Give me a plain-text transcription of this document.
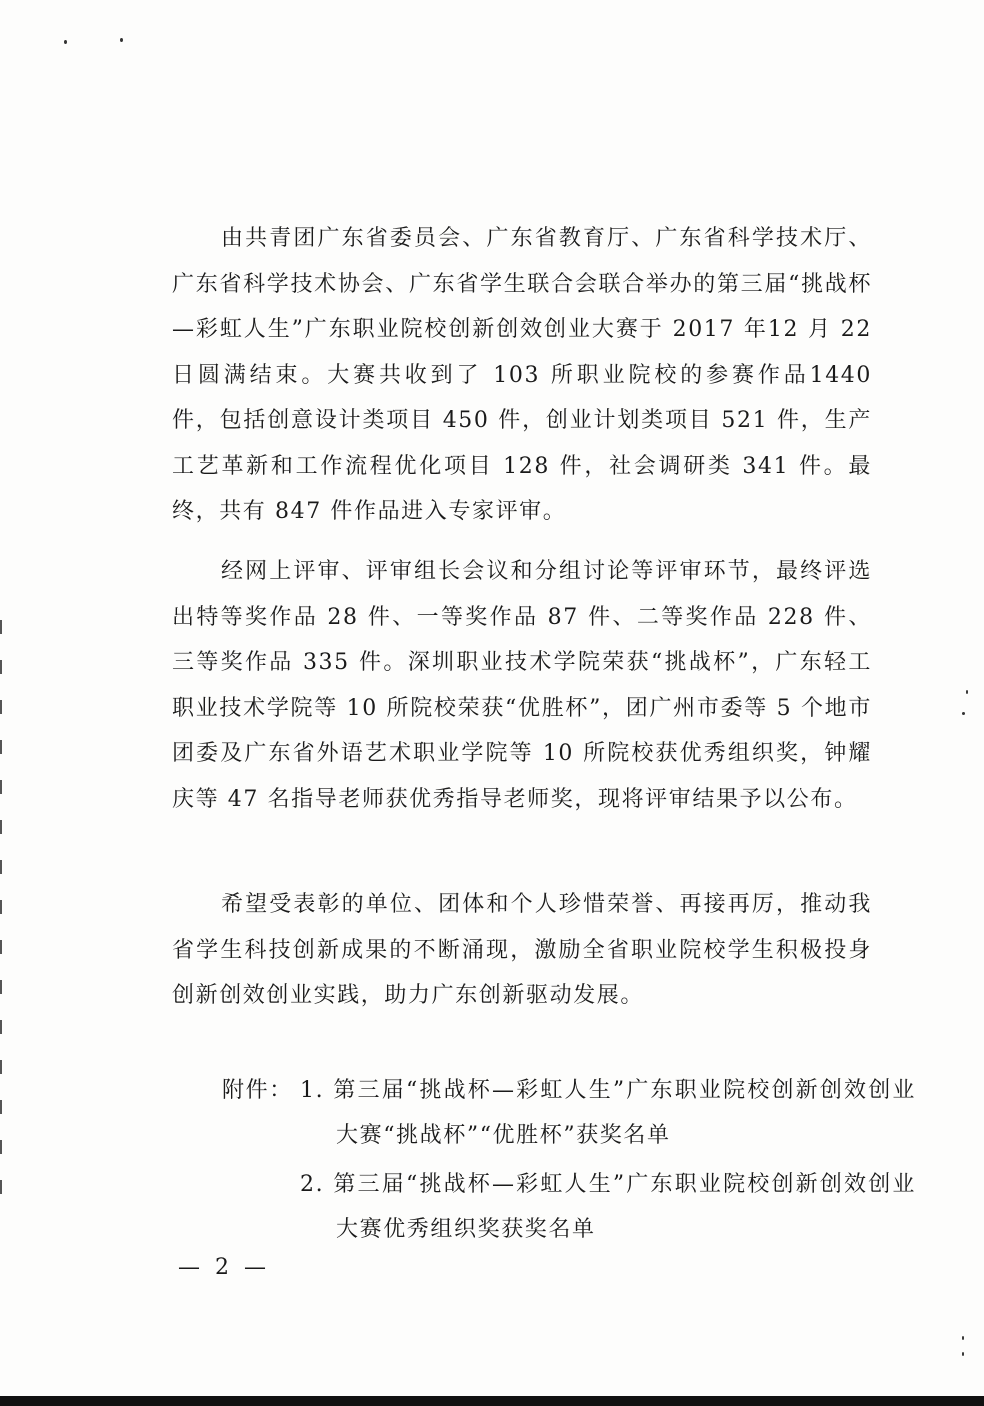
由共青团广东省委员会、广东省教育厅、广东省科学技术厅、广东省科学技术协会、广东省学生联合会联合举办的第三届“挑战杯—彩虹人生”广东职业院校创新创效创业大赛于 2017 年12 月 22 日圆满结束。大赛共收到了 103 所职业院校的参赛作品1440 件，包括创意设计类项目 450 件，创业计划类项目 521 件，生产工艺革新和工作流程优化项目 128 件，社会调研类 341 件。最终，共有 847 件作品进入专家评审。

经网上评审、评审组长会议和分组讨论等评审环节，最终评选出特等奖作品 28 件、一等奖作品 87 件、二等奖作品 228 件、三等奖作品 335 件。深圳职业技术学院荣获“挑战杯”，广东轻工职业技术学院等 10 所院校荣获“优胜杯”，团广州市委等 5 个地市团委及广东省外语艺术职业学院等 10 所院校获优秀组织奖，钟耀庆等 47 名指导老师获优秀指导老师奖，现将评审结果予以公布。

希望受表彰的单位、团体和个人珍惜荣誉、再接再厉，推动我省学生科技创新成果的不断涌现，激励全省职业院校学生积极投身创新创效创业实践，助力广东创新驱动发展。

附件： 1. 第三届“挑战杯—彩虹人生”广东职业院校创新创效创业大赛“挑战杯”“优胜杯”获奖名单

2. 第三届“挑战杯—彩虹人生”广东职业院校创新创效创业大赛优秀组织奖获奖名单

— 2 —
